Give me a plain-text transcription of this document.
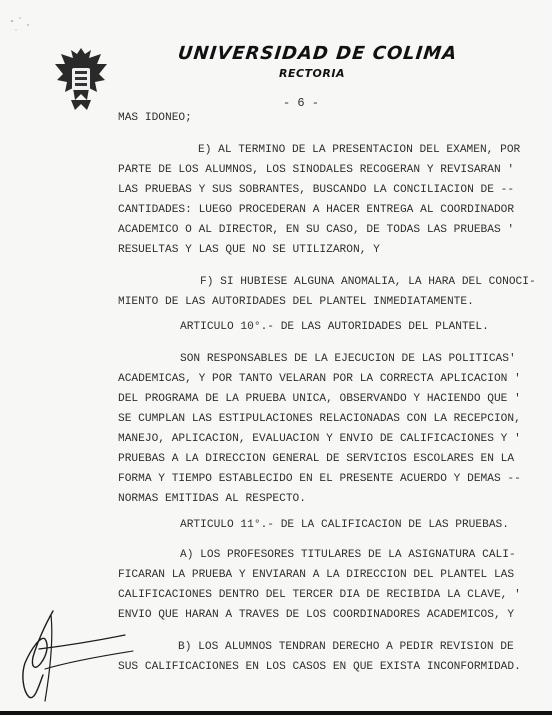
UNIVERSIDAD DE COLIMA
RECTORIA
- 6 -
MAS IDONEO;
E) AL TERMINO DE LA PRESENTACION DEL EXAMEN, POR
PARTE DE LOS ALUMNOS, LOS SINODALES RECOGERAN Y REVISARAN '
LAS PRUEBAS Y SUS SOBRANTES, BUSCANDO LA CONCILIACION DE --
CANTIDADES: LUEGO PROCEDERAN A HACER ENTREGA AL COORDINADOR
ACADEMICO O AL DIRECTOR, EN SU CASO, DE TODAS LAS PRUEBAS '
RESUELTAS Y LAS QUE NO SE UTILIZARON, Y
F) SI HUBIESE ALGUNA ANOMALIA, LA HARA DEL CONOCI-
MIENTO DE LAS AUTORIDADES DEL PLANTEL INMEDIATAMENTE.
ARTICULO 10°.- DE LAS AUTORIDADES DEL PLANTEL.
SON RESPONSABLES DE LA EJECUCION DE LAS POLITICAS'
ACADEMICAS, Y POR TANTO VELARAN POR LA CORRECTA APLICACION '
DEL PROGRAMA DE LA PRUEBA UNICA, OBSERVANDO Y HACIENDO QUE '
SE CUMPLAN LAS ESTIPULACIONES RELACIONADAS CON LA RECEPCION,
MANEJO, APLICACION, EVALUACION Y ENVIO DE CALIFICACIONES Y '
PRUEBAS A LA DIRECCION GENERAL DE SERVICIOS ESCOLARES EN LA
FORMA Y TIEMPO ESTABLECIDO EN EL PRESENTE ACUERDO Y DEMAS --
NORMAS EMITIDAS AL RESPECTO.
ARTICULO 11°.- DE LA CALIFICACION DE LAS PRUEBAS.
A) LOS PROFESORES TITULARES DE LA ASIGNATURA CALI-
FICARAN LA PRUEBA Y ENVIARAN A LA DIRECCION DEL PLANTEL LAS
CALIFICACIONES DENTRO DEL TERCER DIA DE RECIBIDA LA CLAVE, '
ENVIO QUE HARAN A TRAVES DE LOS COORDINADORES ACADEMICOS, Y
B) LOS ALUMNOS TENDRAN DERECHO A PEDIR REVISION DE
SUS CALIFICACIONES EN LOS CASOS EN QUE EXISTA INCONFORMIDAD.
